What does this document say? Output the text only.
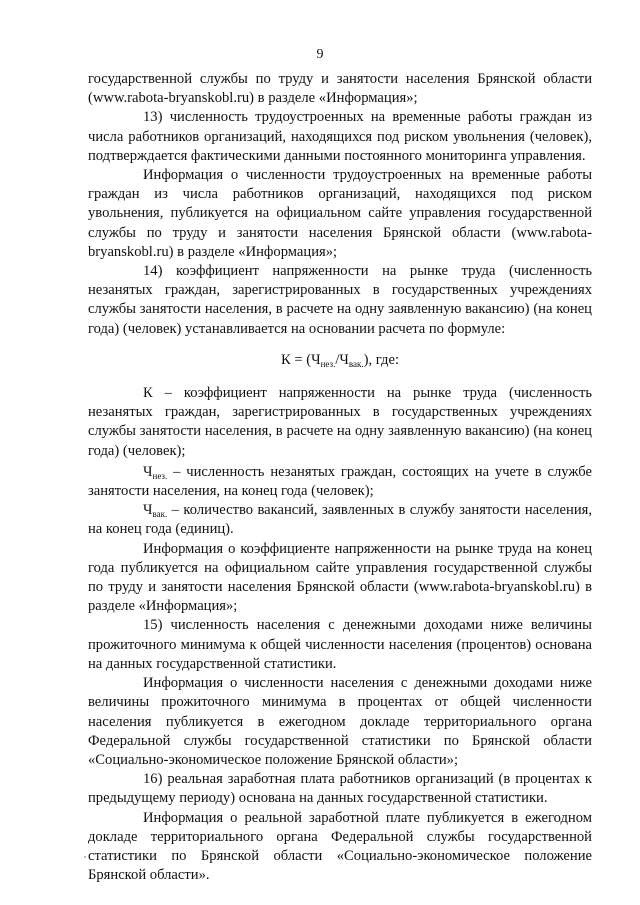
9

государственной службы по труду и занятости населения Брянской области (www.rabota-bryanskobl.ru) в разделе «Информация»;

13) численность трудоустроенных на временные работы граждан из числа работников организаций, находящихся под риском увольнения (человек), подтверждается фактическими данными постоянного мониторинга управления.

Информация о численности трудоустроенных на временные работы граждан из числа работников организаций, находящихся под риском увольнения, публикуется на официальном сайте управления государственной службы по труду и занятости населения Брянской области (www.rabota-bryanskobl.ru) в разделе «Информация»;

14) коэффициент напряженности на рынке труда (численность незанятых граждан, зарегистрированных в государственных учреждениях службы занятости населения, в расчете на одну заявленную вакансию) (на конец года) (человек) устанавливается на основании расчета по формуле:

$К = (Ч_{нез.}/Ч_{вак.})$, где:

К – коэффициент напряженности на рынке труда (численность незанятых граждан, зарегистрированных в государственных учреждениях службы занятости населения, в расчете на одну заявленную вакансию) (на конец года) (человек);

$Ч_{нез.}$ – численность незанятых граждан, состоящих на учете в службе занятости населения, на конец года (человек);

$Ч_{вак.}$ – количество вакансий, заявленных в службу занятости населения, на конец года (единиц).

Информация о коэффициенте напряженности на рынке труда на конец года публикуется на официальном сайте управления государственной службы по труду и занятости населения Брянской области (www.rabota-bryanskobl.ru) в разделе «Информация»;

15) численность населения с денежными доходами ниже величины прожиточного минимума к общей численности населения (процентов) основана на данных государственной статистики.

Информация о численности населения с денежными доходами ниже величины прожиточного минимума в процентах от общей численности населения публикуется в ежегодном докладе территориального органа Федеральной службы государственной статистики по Брянской области «Социально-экономическое положение Брянской области»;

16) реальная заработная плата работников организаций (в процентах к предыдущему периоду) основана на данных государственной статистики.

Информация о реальной заработной плате публикуется в ежегодном докладе территориального органа Федеральной службы государственной статистики по Брянской области «Социально-экономическое положение Брянской области».
